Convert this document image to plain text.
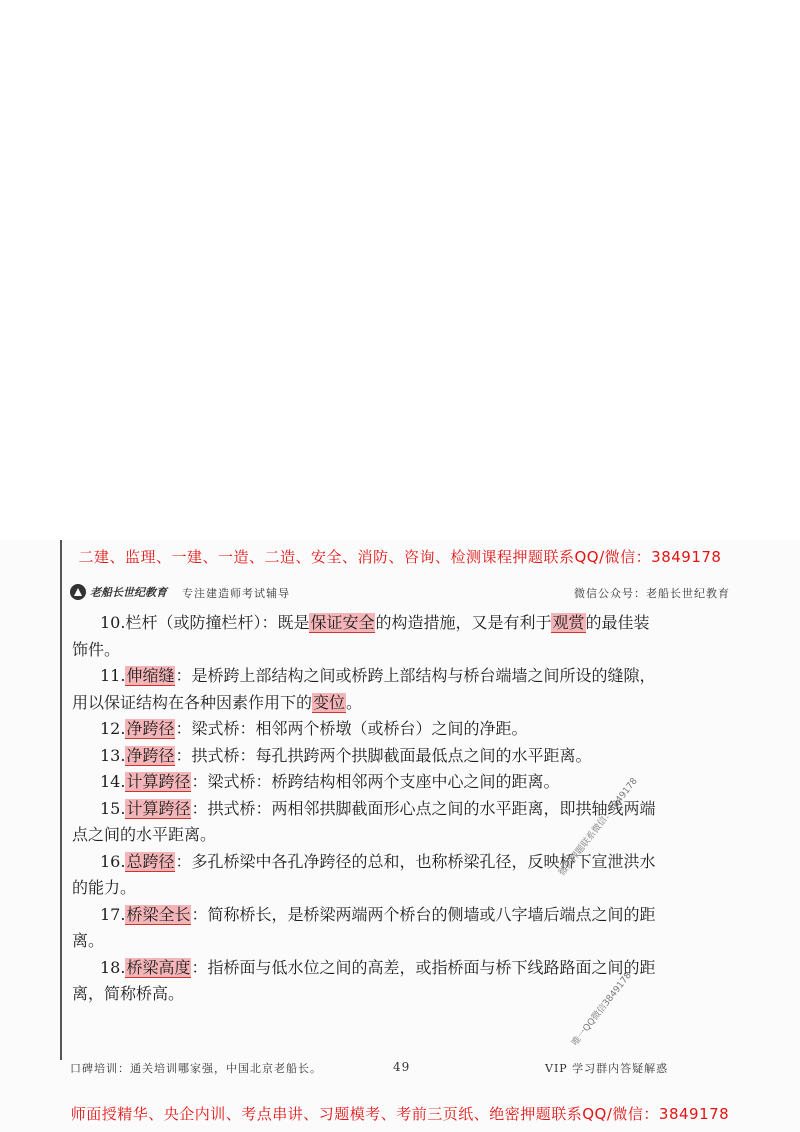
二建、监理、一建、一造、二造、安全、消防、咨询、检测课程押题联系QQ/微信：3849178
老船长世纪教育 专注建造师考试辅导	微信公众号：老船长世纪教育
10.栏杆（或防撞栏杆）：既是保证安全的构造措施，又是有利于观赏的最佳装
饰件。
11.伸缩缝：是桥跨上部结构之间或桥跨上部结构与桥台端墙之间所设的缝隙，
用以保证结构在各种因素作用下的变位。
12.净跨径：梁式桥：相邻两个桥墩（或桥台）之间的净距。
13.净跨径：拱式桥：每孔拱跨两个拱脚截面最低点之间的水平距离。
14.计算跨径：梁式桥：桥跨结构相邻两个支座中心之间的距离。
15.计算跨径：拱式桥：两相邻拱脚截面形心点之间的水平距离，即拱轴线两端
点之间的水平距离。
16.总跨径：多孔桥梁中各孔净跨径的总和，也称桥梁孔径，反映桥下宣泄洪水
的能力。
17.桥梁全长：简称桥长，是桥梁两端两个桥台的侧墙或八字墙后端点之间的距
离。
18.桥梁高度：指桥面与低水位之间的高差，或指桥面与桥下线路路面之间的距
离，简称桥高。
微信押题联系微信：3849178
唯一QQ微信3849178
口碑培训：通关培训哪家强，中国北京老船长。	49	VIP 学习群内答疑解惑
师面授精华、央企内训、考点串讲、习题模考、考前三页纸、绝密押题联系QQ/微信：3849178
